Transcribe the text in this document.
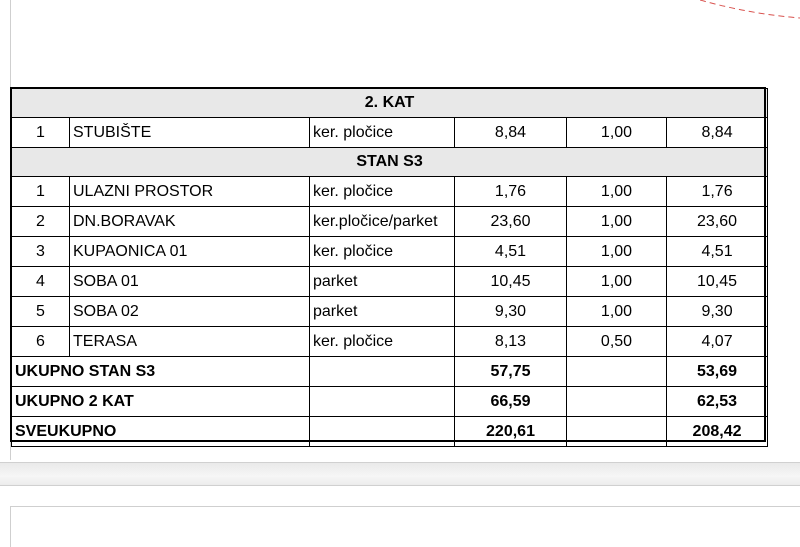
2. KAT					
1	STUBIŠTE	ker. pločice	8,84	1,00	8,84
STAN S3					
1	ULAZNI PROSTOR	ker. pločice	1,76	1,00	1,76
2	DN.BORAVAK	ker.pločice/parket	23,60	1,00	23,60
3	KUPAONICA 01	ker. pločice	4,51	1,00	4,51
4	SOBA 01	parket	10,45	1,00	10,45
5	SOBA 02	parket	9,30	1,00	9,30
6	TERASA	ker. pločice	8,13	0,50	4,07
UKUPNO STAN S3			57,75		53,69
UKUPNO 2 KAT			66,59		62,53
SVEUKUPNO			220,61		208,42
